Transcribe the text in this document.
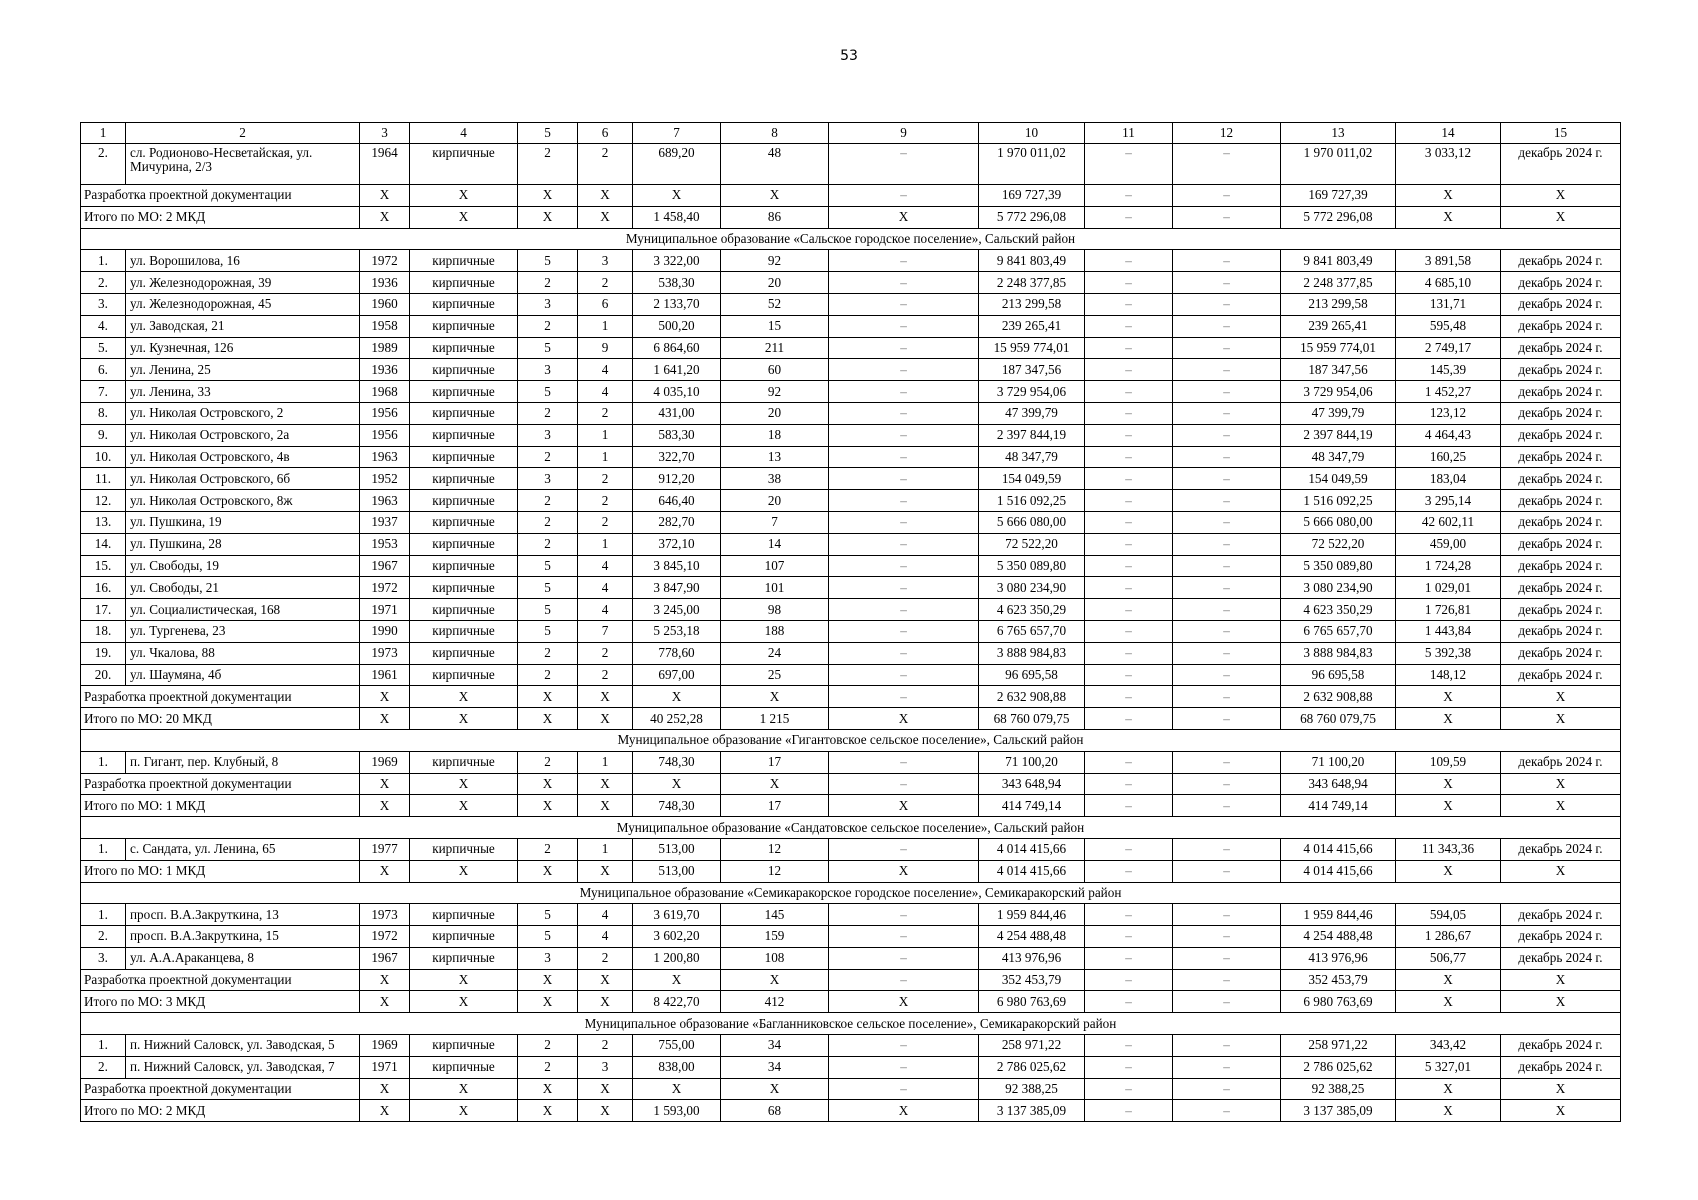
53
1	2	3	4	5	6	7	8	9	10	11	12	13	14	15
2.	сл. Родионово-Несветайская, ул. Мичурина, 2/3	1964	кирпичные	2	2	689,20	48	–	1 970 011,02	–	–	1 970 011,02	3 033,12	декабрь 2024 г.
Разработка проектной документации		X	X	X	X	X	X	–	169 727,39	–	–	169 727,39	X	X
Итого по МО: 2 МКД		X	X	X	X	1 458,40	86	X	5 772 296,08	–	–	5 772 296,08	X	X
Муниципальное образование «Сальское городское поселение», Сальский район														
1.	ул. Ворошилова, 16	1972	кирпичные	5	3	3 322,00	92	–	9 841 803,49	–	–	9 841 803,49	3 891,58	декабрь 2024 г.
2.	ул. Железнодорожная, 39	1936	кирпичные	2	2	538,30	20	–	2 248 377,85	–	–	2 248 377,85	4 685,10	декабрь 2024 г.
3.	ул. Железнодорожная, 45	1960	кирпичные	3	6	2 133,70	52	–	213 299,58	–	–	213 299,58	131,71	декабрь 2024 г.
4.	ул. Заводская, 21	1958	кирпичные	2	1	500,20	15	–	239 265,41	–	–	239 265,41	595,48	декабрь 2024 г.
5.	ул. Кузнечная, 126	1989	кирпичные	5	9	6 864,60	211	–	15 959 774,01	–	–	15 959 774,01	2 749,17	декабрь 2024 г.
6.	ул. Ленина, 25	1936	кирпичные	3	4	1 641,20	60	–	187 347,56	–	–	187 347,56	145,39	декабрь 2024 г.
7.	ул. Ленина, 33	1968	кирпичные	5	4	4 035,10	92	–	3 729 954,06	–	–	3 729 954,06	1 452,27	декабрь 2024 г.
8.	ул. Николая Островского, 2	1956	кирпичные	2	2	431,00	20	–	47 399,79	–	–	47 399,79	123,12	декабрь 2024 г.
9.	ул. Николая Островского, 2а	1956	кирпичные	3	1	583,30	18	–	2 397 844,19	–	–	2 397 844,19	4 464,43	декабрь 2024 г.
10.	ул. Николая Островского, 4в	1963	кирпичные	2	1	322,70	13	–	48 347,79	–	–	48 347,79	160,25	декабрь 2024 г.
11.	ул. Николая Островского, 6б	1952	кирпичные	3	2	912,20	38	–	154 049,59	–	–	154 049,59	183,04	декабрь 2024 г.
12.	ул. Николая Островского, 8ж	1963	кирпичные	2	2	646,40	20	–	1 516 092,25	–	–	1 516 092,25	3 295,14	декабрь 2024 г.
13.	ул. Пушкина, 19	1937	кирпичные	2	2	282,70	7	–	5 666 080,00	–	–	5 666 080,00	42 602,11	декабрь 2024 г.
14.	ул. Пушкина, 28	1953	кирпичные	2	1	372,10	14	–	72 522,20	–	–	72 522,20	459,00	декабрь 2024 г.
15.	ул. Свободы, 19	1967	кирпичные	5	4	3 845,10	107	–	5 350 089,80	–	–	5 350 089,80	1 724,28	декабрь 2024 г.
16.	ул. Свободы, 21	1972	кирпичные	5	4	3 847,90	101	–	3 080 234,90	–	–	3 080 234,90	1 029,01	декабрь 2024 г.
17.	ул. Социалистическая, 168	1971	кирпичные	5	4	3 245,00	98	–	4 623 350,29	–	–	4 623 350,29	1 726,81	декабрь 2024 г.
18.	ул. Тургенева, 23	1990	кирпичные	5	7	5 253,18	188	–	6 765 657,70	–	–	6 765 657,70	1 443,84	декабрь 2024 г.
19.	ул. Чкалова, 88	1973	кирпичные	2	2	778,60	24	–	3 888 984,83	–	–	3 888 984,83	5 392,38	декабрь 2024 г.
20.	ул. Шаумяна, 4б	1961	кирпичные	2	2	697,00	25	–	96 695,58	–	–	96 695,58	148,12	декабрь 2024 г.
Разработка проектной документации		X	X	X	X	X	X	–	2 632 908,88	–	–	2 632 908,88	X	X
Итого по МО: 20 МКД		X	X	X	X	40 252,28	1 215	X	68 760 079,75	–	–	68 760 079,75	X	X
Муниципальное образование «Гигантовское сельское поселение», Сальский район														
1.	п. Гигант, пер. Клубный, 8	1969	кирпичные	2	1	748,30	17	–	71 100,20	–	–	71 100,20	109,59	декабрь 2024 г.
Разработка проектной документации		X	X	X	X	X	X	–	343 648,94	–	–	343 648,94	X	X
Итого по МО: 1 МКД		X	X	X	X	748,30	17	X	414 749,14	–	–	414 749,14	X	X
Муниципальное образование «Сандатовское сельское поселение», Сальский район														
1.	с. Сандата, ул. Ленина, 65	1977	кирпичные	2	1	513,00	12	–	4 014 415,66	–	–	4 014 415,66	11 343,36	декабрь 2024 г.
Итого по МО: 1 МКД		X	X	X	X	513,00	12	X	4 014 415,66	–	–	4 014 415,66	X	X
Муниципальное образование «Семикаракорское городское поселение», Семикаракорский район														
1.	просп. В.А.Закруткина, 13	1973	кирпичные	5	4	3 619,70	145	–	1 959 844,46	–	–	1 959 844,46	594,05	декабрь 2024 г.
2.	просп. В.А.Закруткина, 15	1972	кирпичные	5	4	3 602,20	159	–	4 254 488,48	–	–	4 254 488,48	1 286,67	декабрь 2024 г.
3.	ул. А.А.Араканцева, 8	1967	кирпичные	3	2	1 200,80	108	–	413 976,96	–	–	413 976,96	506,77	декабрь 2024 г.
Разработка проектной документации		X	X	X	X	X	X	–	352 453,79	–	–	352 453,79	X	X
Итого по МО: 3 МКД		X	X	X	X	8 422,70	412	X	6 980 763,69	–	–	6 980 763,69	X	X
Муниципальное образование «Багланниковское сельское поселение», Семикаракорский район														
1.	п. Нижний Саловск, ул. Заводская, 5	1969	кирпичные	2	2	755,00	34	–	258 971,22	–	–	258 971,22	343,42	декабрь 2024 г.
2.	п. Нижний Саловск, ул. Заводская, 7	1971	кирпичные	2	3	838,00	34	–	2 786 025,62	–	–	2 786 025,62	5 327,01	декабрь 2024 г.
Разработка проектной документации		X	X	X	X	X	X	–	92 388,25	–	–	92 388,25	X	X
Итого по МО: 2 МКД		X	X	X	X	1 593,00	68	X	3 137 385,09	–	–	3 137 385,09	X	X
